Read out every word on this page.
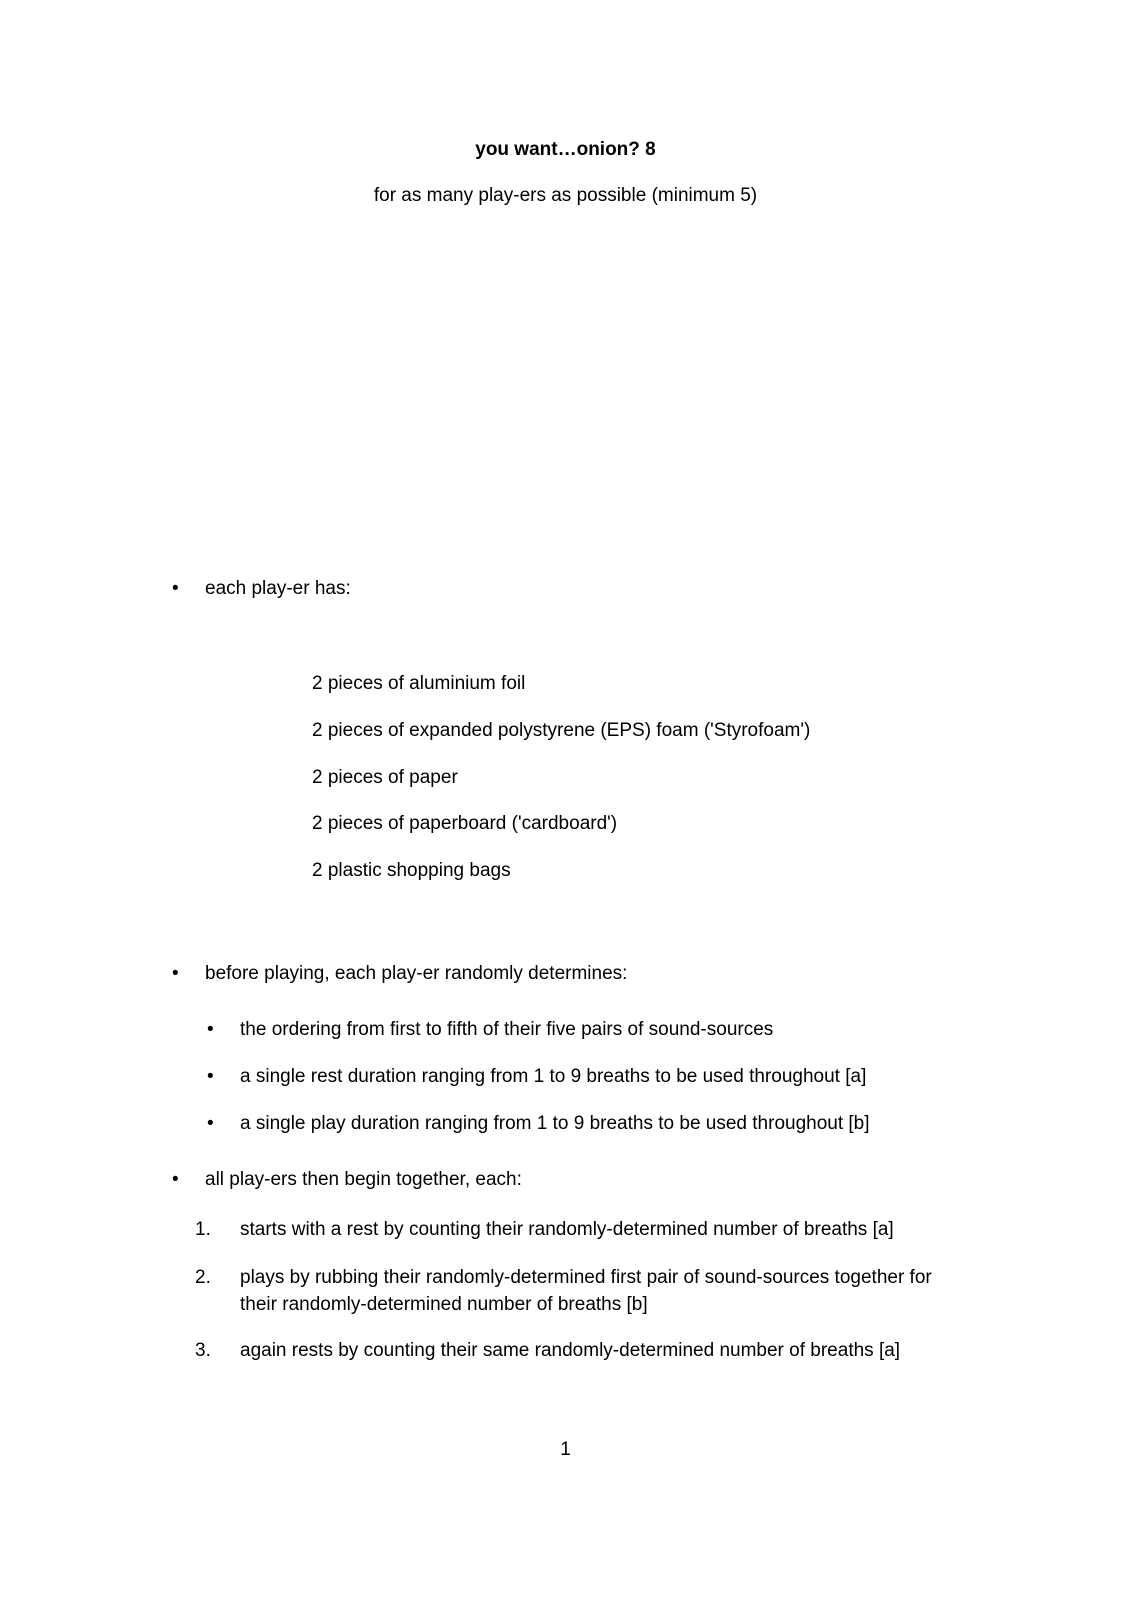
you want…onion? 8
for as many play-ers as possible (minimum 5)
•	each play-er has:
2 pieces of aluminium foil
2 pieces of expanded polystyrene (EPS) foam ('Styrofoam')
2 pieces of paper
2 pieces of paperboard ('cardboard')
2 plastic shopping bags
•	before playing, each play-er randomly determines:
•	the ordering from first to fifth of their five pairs of sound-sources
•	a single rest duration ranging from 1 to 9 breaths to be used throughout [a]
•	a single play duration ranging from 1 to 9 breaths to be used throughout [b]
•	all play-ers then begin together, each:
1.	starts with a rest by counting their randomly-determined number of breaths [a]
2.	plays by rubbing their randomly-determined first pair of sound-sources together for
their randomly-determined number of breaths [b]
3.	again rests by counting their same randomly-determined number of breaths [a]
1
